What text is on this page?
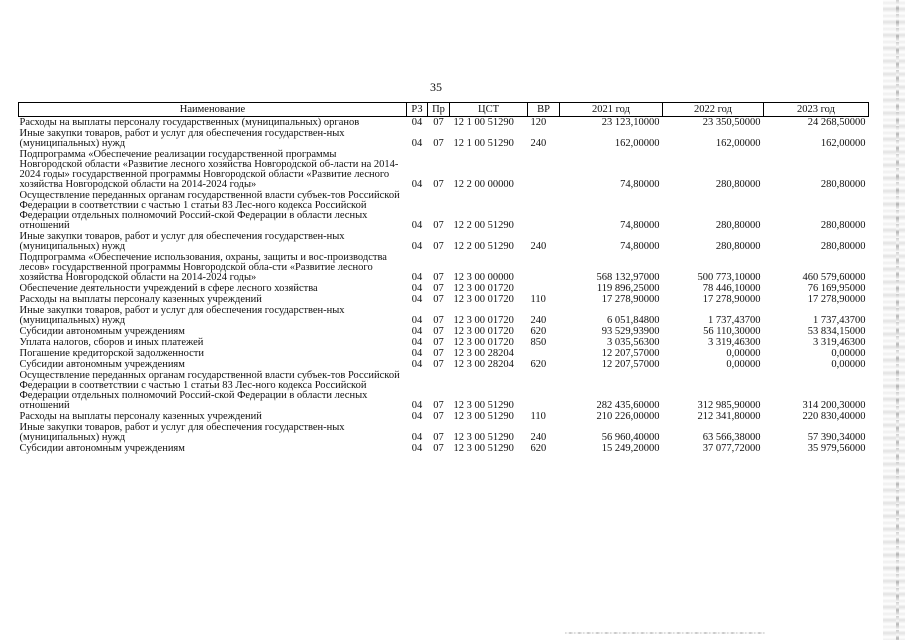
35
Наименование	РЗ	Пр	ЦСТ	ВР	2021 год	2022 год	2023 год
Расходы на выплаты персоналу государственных (муниципальных) органов	04	07	12 1 00 51290	120	23 123,10000	23 350,50000	24 268,50000
Иные закупки товаров, работ и услуг для обеспечения государствен-ных (муниципальных) нужд	04	07	12 1 00 51290	240	162,00000	162,00000	162,00000
Подпрограмма «Обеспечение реализации государственной программы Новгородской области «Развитие лесного хозяйства Новгородской об-ласти на 2014-2024 годы» государственной программы Новгородской области «Развитие лесного хозяйства Новгородской области на 2014-2024 годы»	04	07	12 2 00 00000		74,80000	280,80000	280,80000
Осуществление переданных органам государственной власти субъек-тов Российской Федерации в соответствии с частью 1 статьи 83 Лес-ного кодекса Российской Федерации отдельных полномочий Россий-ской Федерации в области лесных отношений	04	07	12 2 00 51290		74,80000	280,80000	280,80000
Иные закупки товаров, работ и услуг для обеспечения государствен-ных (муниципальных) нужд	04	07	12 2 00 51290	240	74,80000	280,80000	280,80000
Подпрограмма «Обеспечение использования, охраны, защиты и вос-производства лесов» государственной программы Новгородской обла-сти «Развитие лесного хозяйства Новгородской области на 2014-2024 годы»	04	07	12 3 00 00000		568 132,97000	500 773,10000	460 579,60000
Обеспечение деятельности учреждений в сфере лесного хозяйства	04	07	12 3 00 01720		119 896,25000	78 446,10000	76 169,95000
Расходы на выплаты персоналу казенных учреждений	04	07	12 3 00 01720	110	17 278,90000	17 278,90000	17 278,90000
Иные закупки товаров, работ и услуг для обеспечения государствен-ных (муниципальных) нужд	04	07	12 3 00 01720	240	6 051,84800	1 737,43700	1 737,43700
Субсидии автономным учреждениям	04	07	12 3 00 01720	620	93 529,93900	56 110,30000	53 834,15000
Уплата налогов, сборов и иных платежей	04	07	12 3 00 01720	850	3 035,56300	3 319,46300	3 319,46300
Погашение кредиторской задолженности	04	07	12 3 00 28204		12 207,57000	0,00000	0,00000
Субсидии автономным учреждениям	04	07	12 3 00 28204	620	12 207,57000	0,00000	0,00000
Осуществление переданных органам государственной власти субъек-тов Российской Федерации в соответствии с частью 1 статьи 83 Лес-ного кодекса Российской Федерации отдельных полномочий Россий-ской Федерации в области лесных отношений	04	07	12 3 00 51290		282 435,60000	312 985,90000	314 200,30000
Расходы на выплаты персоналу казенных учреждений	04	07	12 3 00 51290	110	210 226,00000	212 341,80000	220 830,40000
Иные закупки товаров, работ и услуг для обеспечения государствен-ных (муниципальных) нужд	04	07	12 3 00 51290	240	56 960,40000	63 566,38000	57 390,34000
Субсидии автономным учреждениям	04	07	12 3 00 51290	620	15 249,20000	37 077,72000	35 979,56000
